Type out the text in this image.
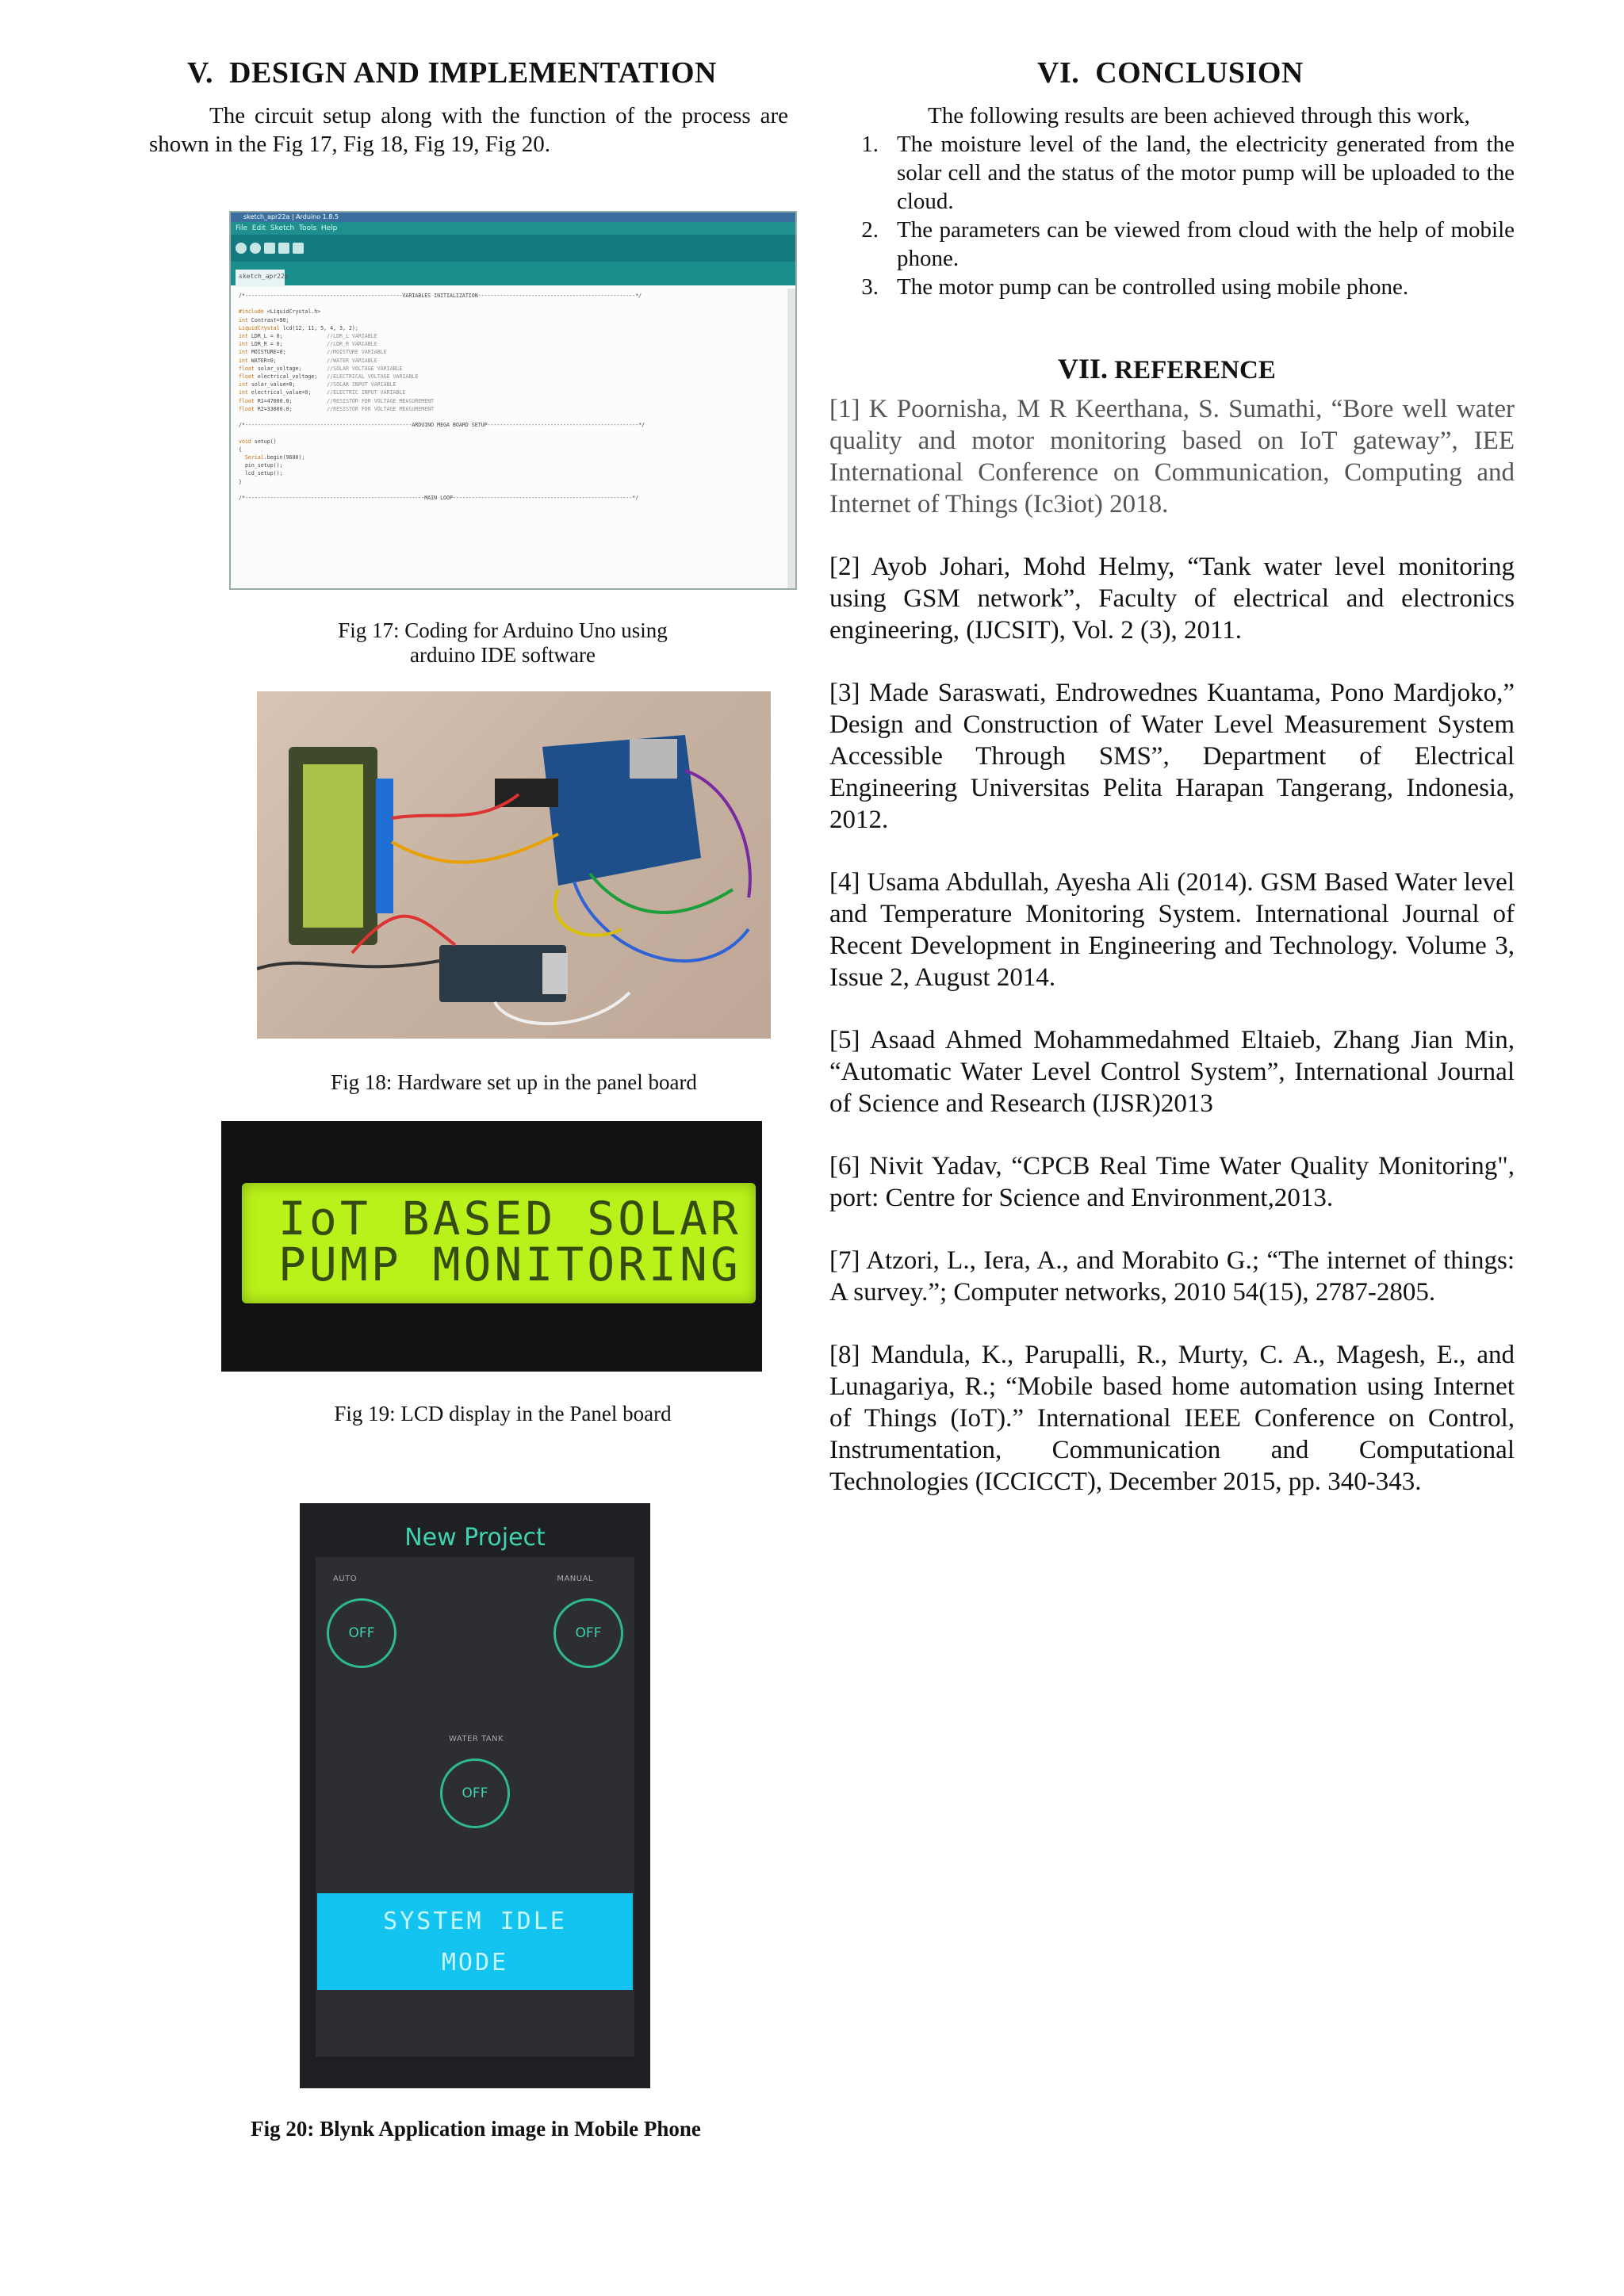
V. DESIGN AND IMPLEMENTATION

The circuit setup along with the function of the process are shown in the Fig 17, Fig 18, Fig 19, Fig 20.

sketch_apr22a | Arduino 1.8.5
File  Edit  Sketch  Tools  Help
sketch_apr22a
/*--------------------------------------------------VARIABLES INITIALIZATION--------------------------------------------------*/

#include <LiquidCrystal.h>
int Contrast=90;
LiquidCrystal lcd(12, 11, 5, 4, 3, 2);
int LDR_L = 0;              //LDR_L VARIABLE
int LDR_R = 0;              //LDR_R VARIABLE
int MOISTURE=0;             //MOISTURE VARIABLE
int WATER=0;                //WATER VARIABLE
float solar_voltage;        //SOLAR VOLTAGE VARIABLE
float electrical_voltage;   //ELECTRICAL VOLTAGE VARIABLE
int solar_value=0;          //SOLAR INPUT VARIABLE
int electrical_value=0;     //ELECTRIC INPUT VARIABLE
float R1=47000.0;           //RESISTOR FOR VOLTAGE MEASUREMENT
float R2=33000.0;           //RESISTOR FOR VOLTAGE MEASUREMENT

/*-----------------------------------------------------ARDUINO MEGA BOARD SETUP------------------------------------------------*/

void setup()
{
Serial.begin(9600);
pin_setup();
lcd_setup();
}

/*---------------------------------------------------------MAIN LOOP---------------------------------------------------------*/
Fig 17: Coding for Arduino Uno using
arduino IDE software
Fig 18: Hardware set up in the panel board
IoT BASED SOLAR
PUMP MONITORING
Fig 19: LCD display in the Panel board
New Project
AUTO	MANUAL
OFF	OFF
WATER TANK
OFF
SYSTEM IDLE
MODE
Fig 20: Blynk Application image in Mobile Phone
VI. CONCLUSION

The following results are been achieved through this work,

1. The moisture level of the land, the electricity generated from the solar cell and the status of the motor pump will be uploaded to the cloud.
2. The parameters can be viewed from cloud with the help of mobile phone.
3. The motor pump can be controlled using mobile phone.
VII. REFERENCE

[1] K Poornisha, M R Keerthana, S. Sumathi, “Bore well water quality and motor monitoring based on IoT gateway”, IEE International Conference on Communication, Computing and Internet of Things (Ic3iot) 2018.

[2] Ayob Johari, Mohd Helmy, “Tank water level monitoring using GSM network”, Faculty of electrical and electronics engineering, (IJCSIT), Vol. 2 (3), 2011.

[3] Made Saraswati, Endrowednes Kuantama, Pono Mardjoko,” Design and Construction of Water Level Measurement System Accessible Through SMS”, Department of Electrical Engineering Universitas Pelita Harapan Tangerang, Indonesia, 2012.

[4] Usama Abdullah, Ayesha Ali (2014). GSM Based Water level and Temperature Monitoring System. International Journal of Recent Development in Engineering and Technology. Volume 3, Issue 2, August 2014.

[5] Asaad Ahmed Mohammedahmed Eltaieb, Zhang Jian Min, “Automatic Water Level Control System”, International Journal of Science and Research (IJSR)2013

[6] Nivit Yadav, “CPCB Real Time Water Quality Monitoring", port: Centre for Science and Environment,2013.

[7] Atzori, L., Iera, A., and Morabito G.; “The internet of things: A survey.”; Computer networks, 2010 54(15), 2787-2805.

[8] Mandula, K., Parupalli, R., Murty, C. A., Magesh, E., and Lunagariya, R.; “Mobile based home automation using Internet of Things (IoT).” International IEEE Conference on Control, Instrumentation, Communication and Computational Technologies (ICCICCT), December 2015, pp. 340-343.
